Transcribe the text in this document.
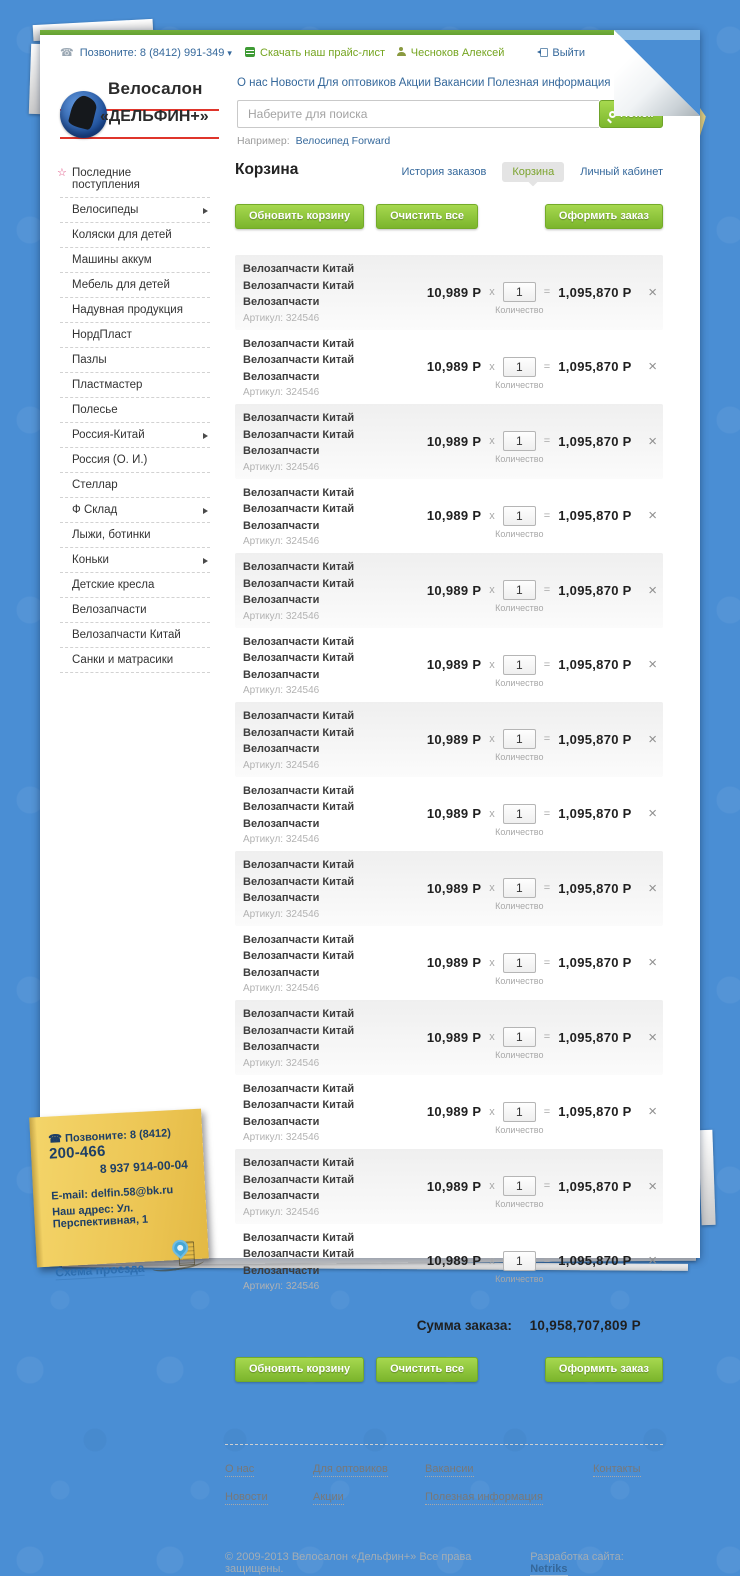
☎ Позвоните: 8 (8412) 991-349 ▾	Скачать наш прайс-лист	Чесноков Алексей	Выйти
Велосалон
«ДЕЛЬФИН+»
О нас Новости Для оптовиков Акции Вакансии Полезная информация
Наберите для поиска
Например: Велосипед Forward
☆ Последние поступления
Велосипеды
Коляски для детей
Машины аккум
Мебель для детей
Надувная продукция
НордПласт
Пазлы
Пластмастер
Полесье
Россия-Китай
Россия (О. И.)
Стеллар
Ф Склад
Лыжи, ботинки
Коньки
Детские кресла
Велозапчасти
Велозапчасти Китай
Санки и матрасики
Корзина	История заказов	Корзина	Личный кабинет
Обновить корзину	Очистить все	Оформить заказ
Велозапчасти Китай Велозапчасти Китай Велозапчасти
Артикул: 324546
10,989 Р x
1
Количество
= 1,095,870 Р	×
Велозапчасти Китай Велозапчасти Китай Велозапчасти
Артикул: 324546
10,989 Р x
1
Количество
= 1,095,870 Р	×
Велозапчасти Китай Велозапчасти Китай Велозапчасти
Артикул: 324546
10,989 Р x
1
Количество
= 1,095,870 Р	×
Велозапчасти Китай Велозапчасти Китай Велозапчасти
Артикул: 324546
10,989 Р x
1
Количество
= 1,095,870 Р	×
Велозапчасти Китай Велозапчасти Китай Велозапчасти
Артикул: 324546
10,989 Р x
1
Количество
= 1,095,870 Р	×
Велозапчасти Китай Велозапчасти Китай Велозапчасти
Артикул: 324546
10,989 Р x
1
Количество
= 1,095,870 Р	×
Велозапчасти Китай Велозапчасти Китай Велозапчасти
Артикул: 324546
10,989 Р x
1
Количество
= 1,095,870 Р	×
Велозапчасти Китай Велозапчасти Китай Велозапчасти
Артикул: 324546
10,989 Р x
1
Количество
= 1,095,870 Р	×
Велозапчасти Китай Велозапчасти Китай Велозапчасти
Артикул: 324546
10,989 Р x
1
Количество
= 1,095,870 Р	×
Велозапчасти Китай Велозапчасти Китай Велозапчасти
Артикул: 324546
10,989 Р x
1
Количество
= 1,095,870 Р	×
Велозапчасти Китай Велозапчасти Китай Велозапчасти
Артикул: 324546
10,989 Р x
1
Количество
= 1,095,870 Р	×
Велозапчасти Китай Велозапчасти Китай Велозапчасти
Артикул: 324546
10,989 Р x
1
Количество
= 1,095,870 Р	×
Велозапчасти Китай Велозапчасти Китай Велозапчасти
Артикул: 324546
10,989 Р x
1
Количество
= 1,095,870 Р	×
Велозапчасти Китай Велозапчасти Китай Велозапчасти
Артикул: 324546
10,989 Р x
1
Количество
= 1,095,870 Р	×
Сумма заказа: 10,958,707,809 Р
Обновить корзину	Очистить все	Оформить заказ
О нас	Для оптовиков	Вакансии	Контакты
Новости	Акции	Полезная информация
© 2009-2013 Велосалон «Дельфин+» Все права защищены.
Разработка сайта: Netriks
☎ Позвоните: 8 (8412) 200-466
8 937 914-00-04
E-mail: delfin.58@bk.ru
Наш адрес: Ул. Перспективная, 1
Схема проезда
